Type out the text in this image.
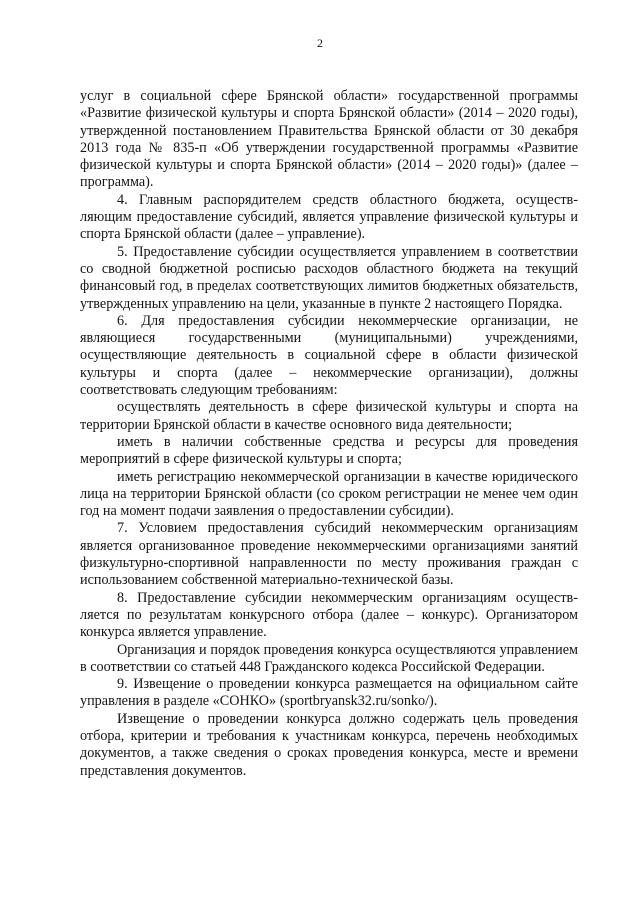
2

услуг в социальной сфере Брянской области» государственной программы «Развитие физической культуры и спорта Брянской области» (2014 – 2020 годы), утвержденной постановлением Правительства Брянской области от 30 декабря 2013 года № 835-п «Об утверждении государственной программы «Развитие физической культуры и спорта Брянской области» (2014 – 2020 годы)» (далее – программа).

4. Главным распорядителем средств областного бюджета, осуществляющим предоставление субсидий, является управление физической культуры и спорта Брянской области (далее – управление).

5. Предоставление субсидии осуществляется управлением в соответствии со сводной бюджетной росписью расходов областного бюджета на текущий финансовый год, в пределах соответствующих лимитов бюджетных обязательств, утвержденных управлению на цели, указанные в пункте 2 настоящего Порядка.

6. Для предоставления субсидии некоммерческие организации, не являющиеся государственными (муниципальными) учреждениями, осуществляющие деятельность в социальной сфере в области физической культуры и спорта (далее – некоммерческие организации), должны соответствовать следующим требованиям:

осуществлять деятельность в сфере физической культуры и спорта на территории Брянской области в качестве основного вида деятельности;

иметь в наличии собственные средства и ресурсы для проведения мероприятий в сфере физической культуры и спорта;

иметь регистрацию некоммерческой организации в качестве юридического лица на территории Брянской области (со сроком регистрации не менее чем один год на момент подачи заявления о предоставлении субсидии).

7. Условием предоставления субсидий некоммерческим организациям является организованное проведение некоммерческими организациями занятий физкультурно-спортивной направленности по месту проживания граждан с использованием собственной материально-технической базы.

8. Предоставление субсидии некоммерческим организациям осуществляется по результатам конкурсного отбора (далее – конкурс). Организатором конкурса является управление.

Организация и порядок проведения конкурса осуществляются управлением в соответствии со статьей 448 Гражданского кодекса Российской Федерации.

9. Извещение о проведении конкурса размещается на официальном сайте управления в разделе «СОНКО» (sportbryansk32.ru/sonko/).

Извещение о проведении конкурса должно содержать цель проведения отбора, критерии и требования к участникам конкурса, перечень необходимых документов, а также сведения о сроках проведения конкурса, месте и времени представления документов.
